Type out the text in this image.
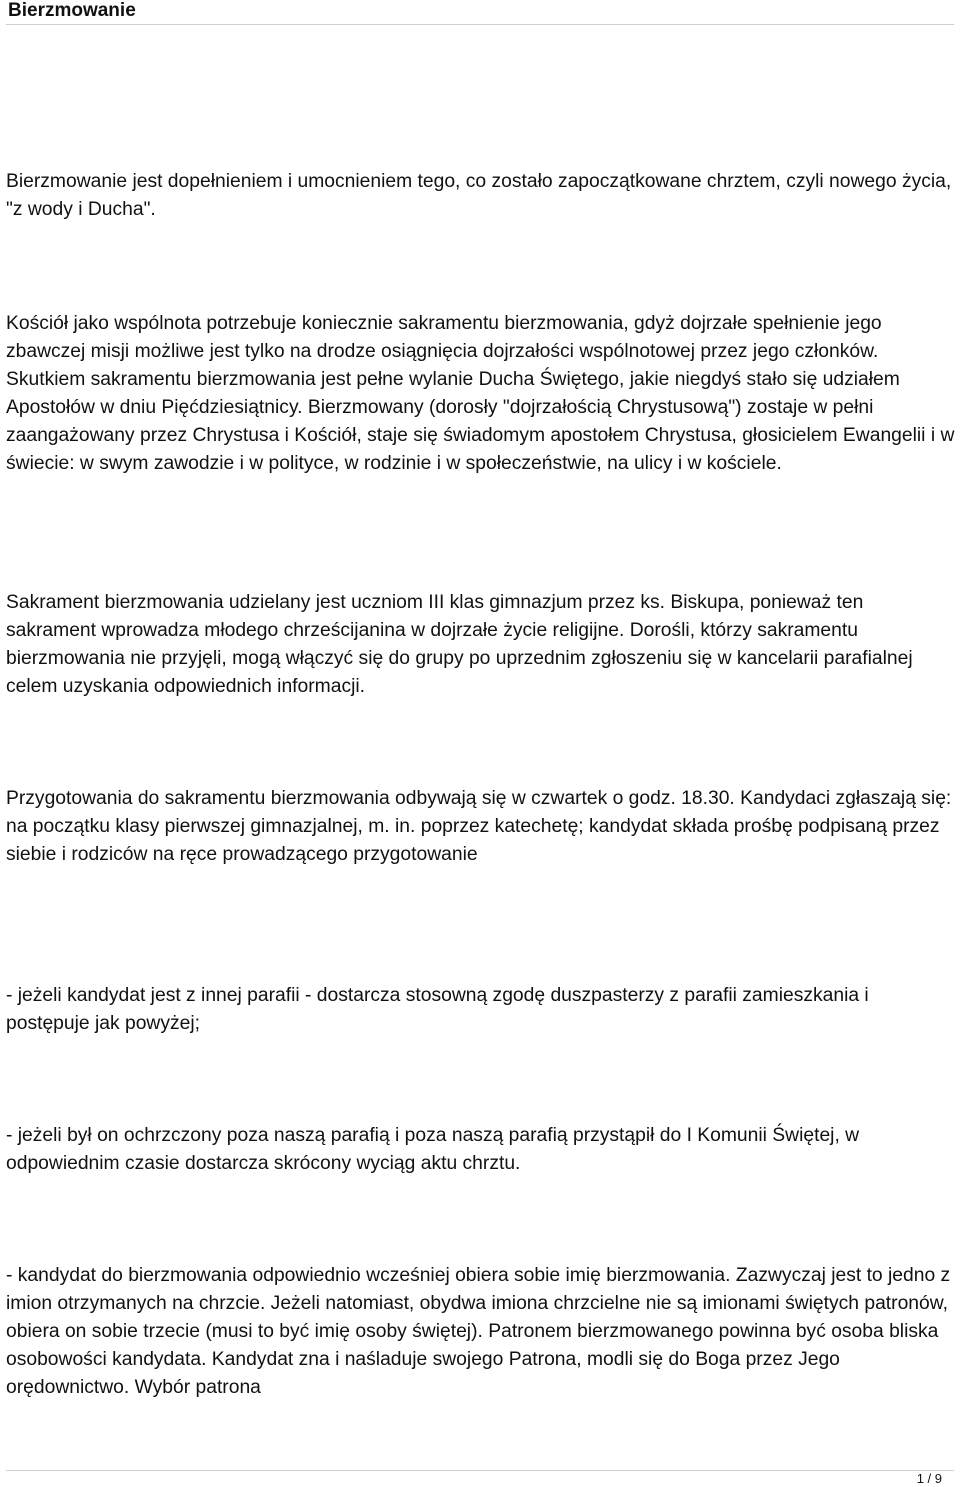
Bierzmowanie

Bierzmowanie jest dopełnieniem i umocnieniem tego, co zostało zapoczątkowane chrztem, czyli nowego życia, "z wody i Ducha".

Kościół jako wspólnota potrzebuje koniecznie sakramentu bierzmowania, gdyż dojrzałe spełnienie jego zbawczej misji możliwe jest tylko na drodze osiągnięcia dojrzałości wspólnotowej przez jego członków. Skutkiem sakramentu bierzmowania jest pełne wylanie Ducha Świętego, jakie niegdyś stało się udziałem Apostołów w dniu Pięćdziesiątnicy. Bierzmowany (dorosły "dojrzałością Chrystusową") zostaje w pełni zaangażowany przez Chrystusa i Kościół, staje się świadomym apostołem Chrystusa, głosicielem Ewangelii i w świecie: w swym zawodzie i w polityce, w rodzinie i w społeczeństwie, na ulicy i w kościele.

Sakrament bierzmowania udzielany jest uczniom III klas gimnazjum przez ks. Biskupa, ponieważ ten sakrament wprowadza młodego chrześcijanina w dojrzałe życie religijne. Dorośli, którzy sakramentu bierzmowania nie przyjęli, mogą włączyć się do grupy po uprzednim zgłoszeniu się w kancelarii parafialnej celem uzyskania odpowiednich informacji.

Przygotowania do sakramentu bierzmowania odbywają się w czwartek o godz. 18.30. Kandydaci zgłaszają się: na początku klasy pierwszej gimnazjalnej, m. in. poprzez katechetę; kandydat składa prośbę podpisaną przez siebie i rodziców na ręce prowadzącego przygotowanie

- jeżeli kandydat jest z innej parafii - dostarcza stosowną zgodę duszpasterzy z parafii zamieszkania i postępuje jak powyżej;

- jeżeli był on ochrzczony poza naszą parafią i poza naszą parafią przystąpił do I Komunii Świętej, w odpowiednim czasie dostarcza skrócony wyciąg aktu chrztu.

- kandydat do bierzmowania odpowiednio wcześniej obiera sobie imię bierzmowania. Zazwyczaj jest to jedno z imion otrzymanych na chrzcie. Jeżeli natomiast, obydwa imiona chrzcielne nie są imionami świętych patronów, obiera on sobie trzecie (musi to być imię osoby świętej). Patronem bierzmowanego powinna być osoba bliska osobowości kandydata. Kandydat zna i naśladuje swojego Patrona, modli się do Boga przez Jego orędownictwo. Wybór patrona

1 / 9
